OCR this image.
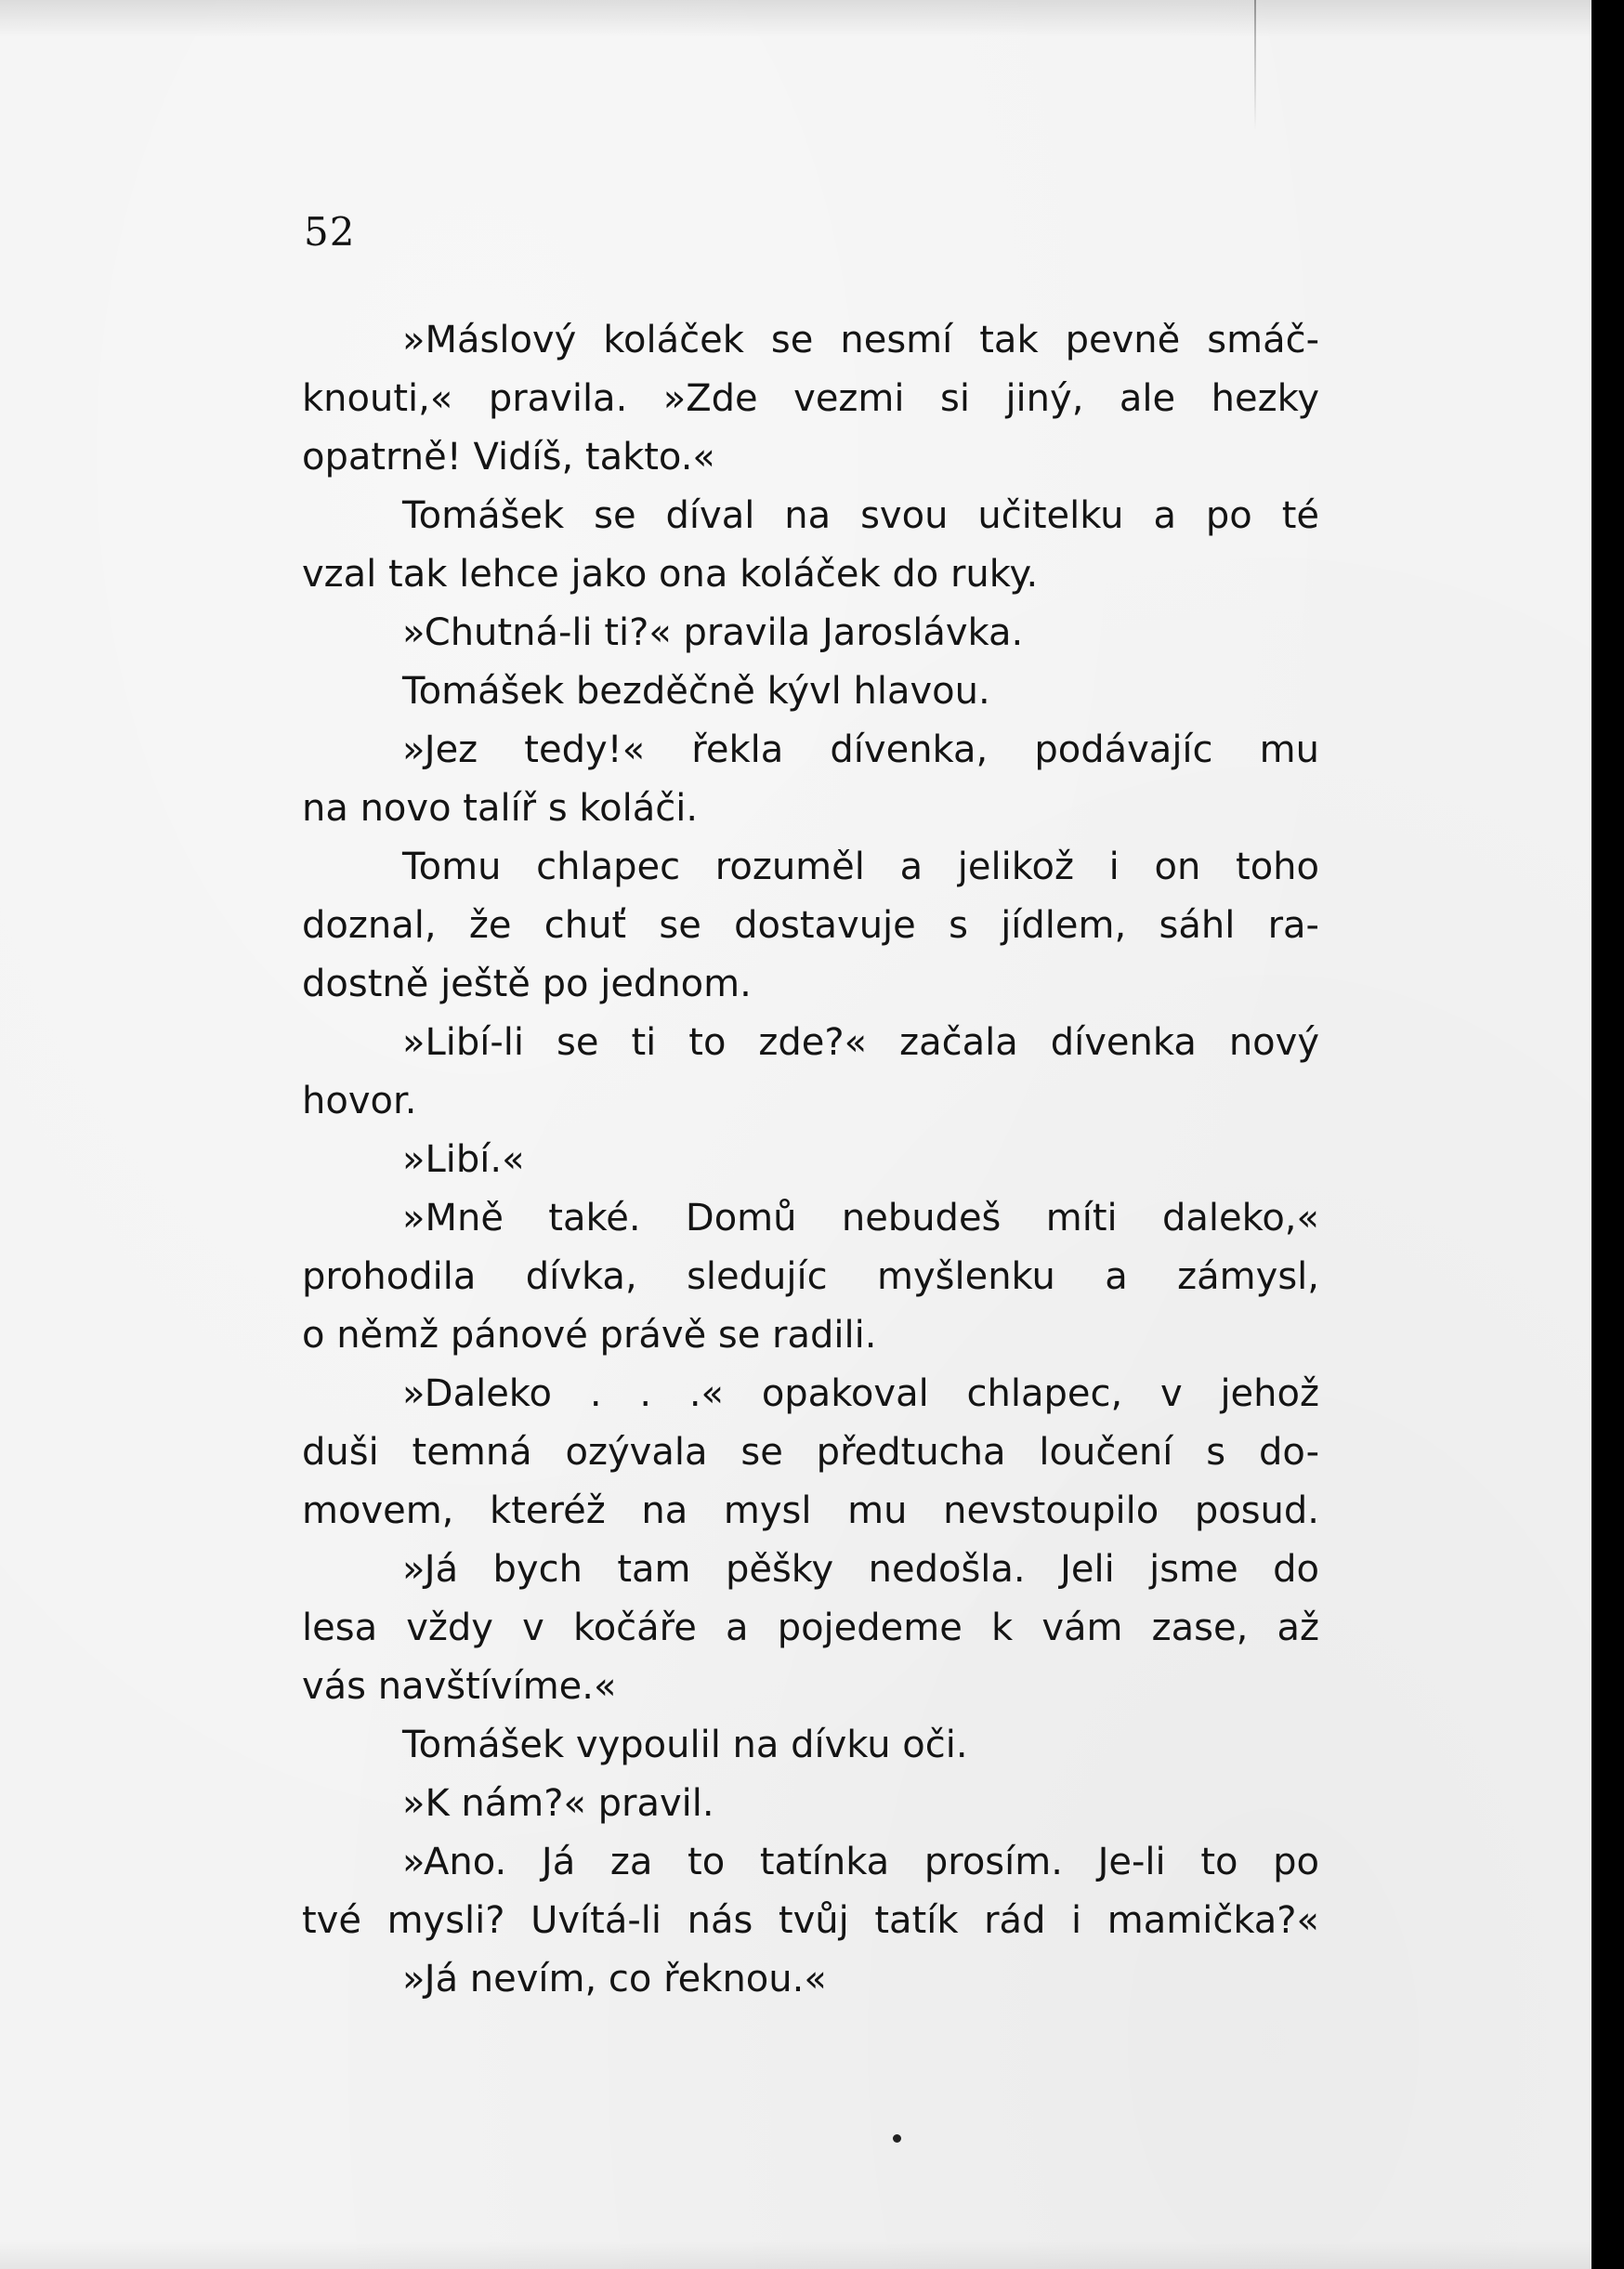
52
»Máslový koláček se nesmí tak pevně smáč-
knouti,« pravila. »Zde vezmi si jiný, ale hezky
opatrně! Vidíš, takto.«
Tomášek se díval na svou učitelku a po té
vzal tak lehce jako ona koláček do ruky.
»Chutná-li ti?« pravila Jaroslávka.
Tomášek bezděčně kývl hlavou.
»Jez tedy!« řekla dívenka, podávajíc mu
na novo talíř s koláči.
Tomu chlapec rozuměl a jelikož i on toho
doznal, že chuť se dostavuje s jídlem, sáhl ra-
dostně ještě po jednom.
»Libí-li se ti to zde?« začala dívenka nový
hovor.
»Libí.«
»Mně také. Domů nebudeš míti daleko,«
prohodila dívka, sledujíc myšlenku a zámysl,
o němž pánové právě se radili.
»Daleko . . .« opakoval chlapec, v jehož
duši temná ozývala se předtucha loučení s do-
movem, kteréž na mysl mu nevstoupilo posud.
»Já bych tam pěšky nedošla. Jeli jsme do
lesa vždy v kočáře a pojedeme k vám zase, až
vás navštívíme.«
Tomášek vypoulil na dívku oči.
»K nám?« pravil.
»Ano. Já za to tatínka prosím. Je-li to po
tvé mysli? Uvítá-li nás tvůj tatík rád i mamička?«
»Já nevím, co řeknou.«
